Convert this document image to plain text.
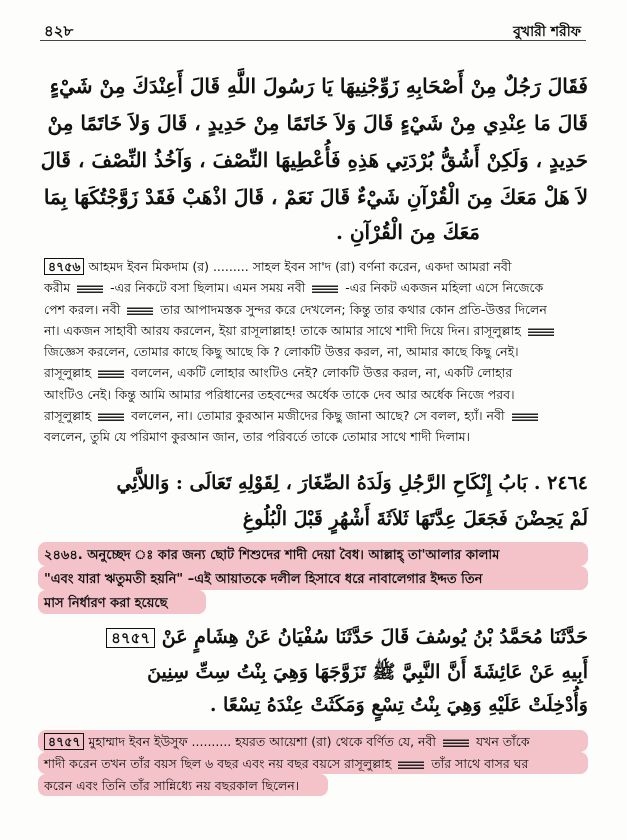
৪২৮	বুখারী শরীফ
فَقَالَ رَجُلٌ مِنْ أَصْحَابِهِ زَوِّجْنِيهَا يَا رَسُولَ اللَّهِ قَالَ أَعِنْدَكَ مِنْ شَيْءٍ
قَالَ مَا عِنْدِي مِنْ شَيْءٍ قَالَ وَلاَ خَاتَمًا مِنْ حَدِيدٍ ، قَالَ وَلاَ خَاتَمًا مِنْ
حَدِيدٍ ، وَلَكِنْ أَشُقُّ بُرْدَتِي هَذِهِ فَأُعْطِيهَا النِّصْفَ ، وَآخُذُ النِّصْفَ ، قَالَ
لاَ هَلْ مَعَكَ مِنَ الْقُرْآنِ شَيْءٌ قَالَ نَعَمْ ، قَالَ اذْهَبْ فَقَدْ زَوَّجْتُكَهَا بِمَا
مَعَكَ مِنَ الْقُرْآنِ .
৪৭৫৬ আহমদ ইবন মিকদাম (র) ......... সাহল ইবন সা'দ (রা) বর্ণনা করেন, একদা আমরা নবী
করীম	-এর নিকটে বসা ছিলাম। এমন সময় নবী	-এর নিকট একজন মহিলা এসে নিজেকে
পেশ করল। নবী	তার আপাদমস্তক সুন্দর করে দেখলেন; কিন্তু তার কথার কোন প্রতি-উত্তর দিলেন
না। একজন সাহাবী আরয করলেন, ইয়া রাসূলাল্লাহ! তাকে আমার সাথে শাদী দিয়ে দিন। রাসূলুল্লাহ
জিজ্ঞেস করলেন, তোমার কাছে কিছু আছে কি ? লোকটি উত্তর করল, না, আমার কাছে কিছু নেই।
রাসূলুল্লাহ	বললেন, একটি লোহার আংটিও নেই? লোকটি উত্তর করল, না, একটি লোহার
আংটিও নেই। কিন্তু আমি আমার পরিধানের তহবন্দের অর্ধেক তাকে দেব আর অর্ধেক নিজে পরব।
রাসূলুল্লাহ	বললেন, না। তোমার কুরআন মজীদের কিছু জানা আছে? সে বলল, হ্যাঁ। নবী
বললেন, তুমি যে পরিমাণ কুরআন জান, তার পরিবর্তে তাকে তোমার সাথে শাদী দিলাম।
٢٤٦٤ . بَابُ إِنْكَاحِ الرَّجُلِ وَلَدَهُ الصِّغَارَ ، لِقَوْلِهِ تَعَالَى : وَاللاَّئِي
لَمْ يَحِضْنَ فَجَعَلَ عِدَّتَهَا ثَلاَثَةَ أَشْهُرٍ قَبْلَ الْبُلُوغِ
২৪৬৪. অনুচ্ছেদ ঃ কার জন্য ছোট শিশুদের শাদী দেয়া বৈধ। আল্লাহ্ তা'আলার কালাম
"এবং যারা ঋতুমতী হয়নি" –এই আয়াতকে দলীল হিসাবে ধরে নাবালেগার ইদ্দত তিন
মাস নির্ধারণ করা হয়েছে
حَدَّثَنَا مُحَمَّدُ بْنُ يُوسُفَ قَالَ حَدَّثَنَا سُفْيَانُ عَنْ هِشَامٍ عَنْ ৪৭৫৭
أَبِيهِ عَنْ عَائِشَةَ أَنَّ النَّبِيَّ ﷺ تَزَوَّجَهَا وَهِيَ بِنْتُ سِتِّ سِنِينَ
وَأُدْخِلَتْ عَلَيْهِ وَهِيَ بِنْتُ تِسْعٍ وَمَكَثَتْ عِنْدَهُ تِسْعًا .
৪৭৫৭ মুহাম্মাদ ইবন ইউসুফ .......... হযরত আয়েশা (রা) থেকে বর্ণিত যে, নবী	যখন তাঁকে
শাদী করেন তখন তাঁর বয়স ছিল ৬ বছর এবং নয় বছর বয়সে রাসূলুল্লাহ	তাঁর সাথে বাসর ঘর
করেন এবং তিনি তাঁর সান্নিধ্যে নয় বছরকাল ছিলেন।
